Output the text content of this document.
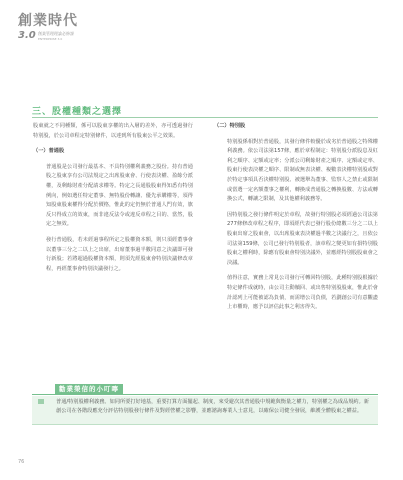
創業時代
3.0 創業管理理論必修課
ENTERPRISE 3.0
三、股權種類之選擇

股東就之不同種類，係可以股東享權的出入層的差外，亦可透過發行特別股，於公司章程定特別條件，以達到所有股東公平之效果。

（一）普通股

普通股是公司發行最基本、不具特別權利義務之股份。持有普通股之股東享有公司法規定之出席股東會、行使表決權、盈餘分派權，及剩餘財產分配請求權等。特定之長通股股東得知悉有特別例向，例如選任特定董事、無特股份轉讓、優先承購權等，須得知股東股東權得分配於價格，惟此的定仍無於普通人門有效，旗反只得成立的效東，而非違反法令或違反章程之目的、當然，股定之無效。

發行普通股，若未經過事程所定之股權資本額，則只須經董事會以董事三分之二以上之出席，出席董事過半數同意之決議即可發行新股；若將超過股權資本額，則須先經股東會特別決議修改章程，再經董事會特別決議發行之。

（二）特別股

特別股係相對於普通股，其發行條件較優於或劣於普通股之特殊權利義務。依公司法第157條，應於章程制定：特別股分派股息及紅利之順序、定額或定率；分派公司剩餘財產之順序、定額或定率、股東行使表決權之順序、限制或無表決權、複數表決權特別股或對於特定事項具否決權特別股、被選舉為董事、監察人之禁止或限制或當選一定名額董事之權利，轉換成普通股之轉換股數、方法或轉換公式，轉讓之限制，及其他權利義務等。

因特別股之發行條件明定於章程，故發行特別股必須經過公司法第277條修改章程之程序，即須經代表已發行股份總數三分之二以上股東出席之股東會，以出席股東表決權過半數之決議行之，且依公司法第159條，公司已發行特別股者，該章程之變更如有損特別股股東之權利時，除應有股東會特別決議外，並應經特別股股東會之決議。

值得注意，實務上常見公司發行可轉回特別股，此種特別股根據於特定條件成就時，由公司主動贖回、或出售特別股股東，惟此於會計認列上可能被認為負債，而需增公司負債，若劃創公司有意觀盡上市櫃時，應予以評估此事之利害得失。

勸業榮信的小叮嚀

普通/特別股權利義務。如同所要打好地基，重要打算方面擺起、制度，來受避次其普通股中規範與衡量之權力，特別權之為成品規約。新創公司在各階段應充分評估特別股發行條件及對經營權之影響，並應諮詢專業人士意見，以確保公司健全發展，維護全體股東之權益。

76
